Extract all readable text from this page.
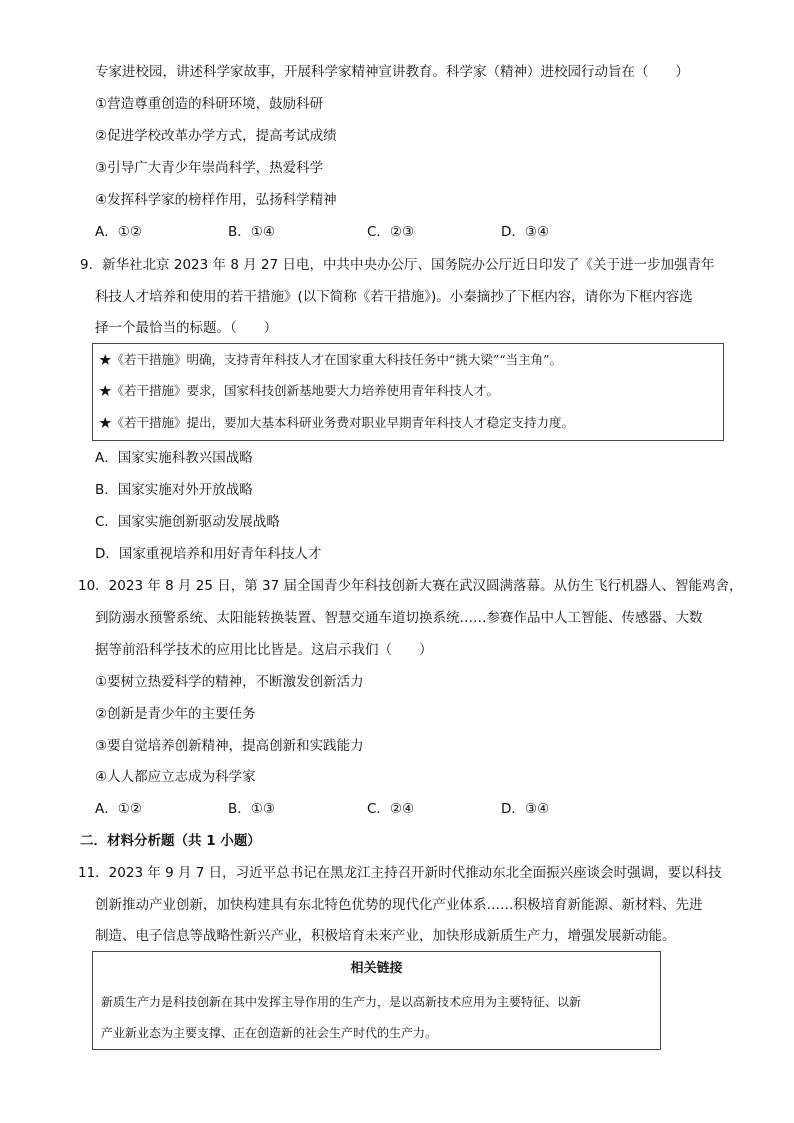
专家进校园，讲述科学家故事，开展科学家精神宣讲教育。科学家（精神）进校园行动旨在（　　）
①营造尊重创造的科研环境，鼓励科研
②促进学校改革办学方式，提高考试成绩
③引导广大青少年崇尚科学，热爱科学
④发挥科学家的榜样作用，弘扬科学精神
A．①②	B．①④	C．②③	D．③④
9．新华社北京 2023 年 8 月 27 日电，中共中央办公厅、国务院办公厅近日印发了《关于进一步加强青年
科技人才培养和使用的若干措施》(以下简称《若干措施》)。小秦摘抄了下框内容，请你为下框内容选
择一个最恰当的标题。（　　）
★《若干措施》明确，支持青年科技人才在国家重大科技任务中“挑大梁”“当主角”。
★《若干措施》要求，国家科技创新基地要大力培养使用青年科技人才。
★《若干措施》提出，要加大基本科研业务费对职业早期青年科技人才稳定支持力度。
A．国家实施科教兴国战略
B．国家实施对外开放战略
C．国家实施创新驱动发展战略
D．国家重视培养和用好青年科技人才
10．2023 年 8 月 25 日，第 37 届全国青少年科技创新大赛在武汉圆满落幕。从仿生飞行机器人、智能鸡舍，
到防溺水预警系统、太阳能转换装置、智慧交通车道切换系统……参赛作品中人工智能、传感器、大数
据等前沿科学技术的应用比比皆是。这启示我们（　　）
①要树立热爱科学的精神，不断激发创新活力
②创新是青少年的主要任务
③要自觉培养创新精神，提高创新和实践能力
④人人都应立志成为科学家
A．①②	B．①③	C．②④	D．③④
二．材料分析题（共 1 小题）
11．2023 年 9 月 7 日，习近平总书记在黑龙江主持召开新时代推动东北全面振兴座谈会时强调，要以科技
创新推动产业创新，加快构建具有东北特色优势的现代化产业体系……积极培育新能源、新材料、先进
制造、电子信息等战略性新兴产业，积极培育未来产业，加快形成新质生产力，增强发展新动能。
相关链接
新质生产力是科技创新在其中发挥主导作用的生产力，是以高新技术应用为主要特征、以新
产业新业态为主要支撑、正在创造新的社会生产时代的生产力。
